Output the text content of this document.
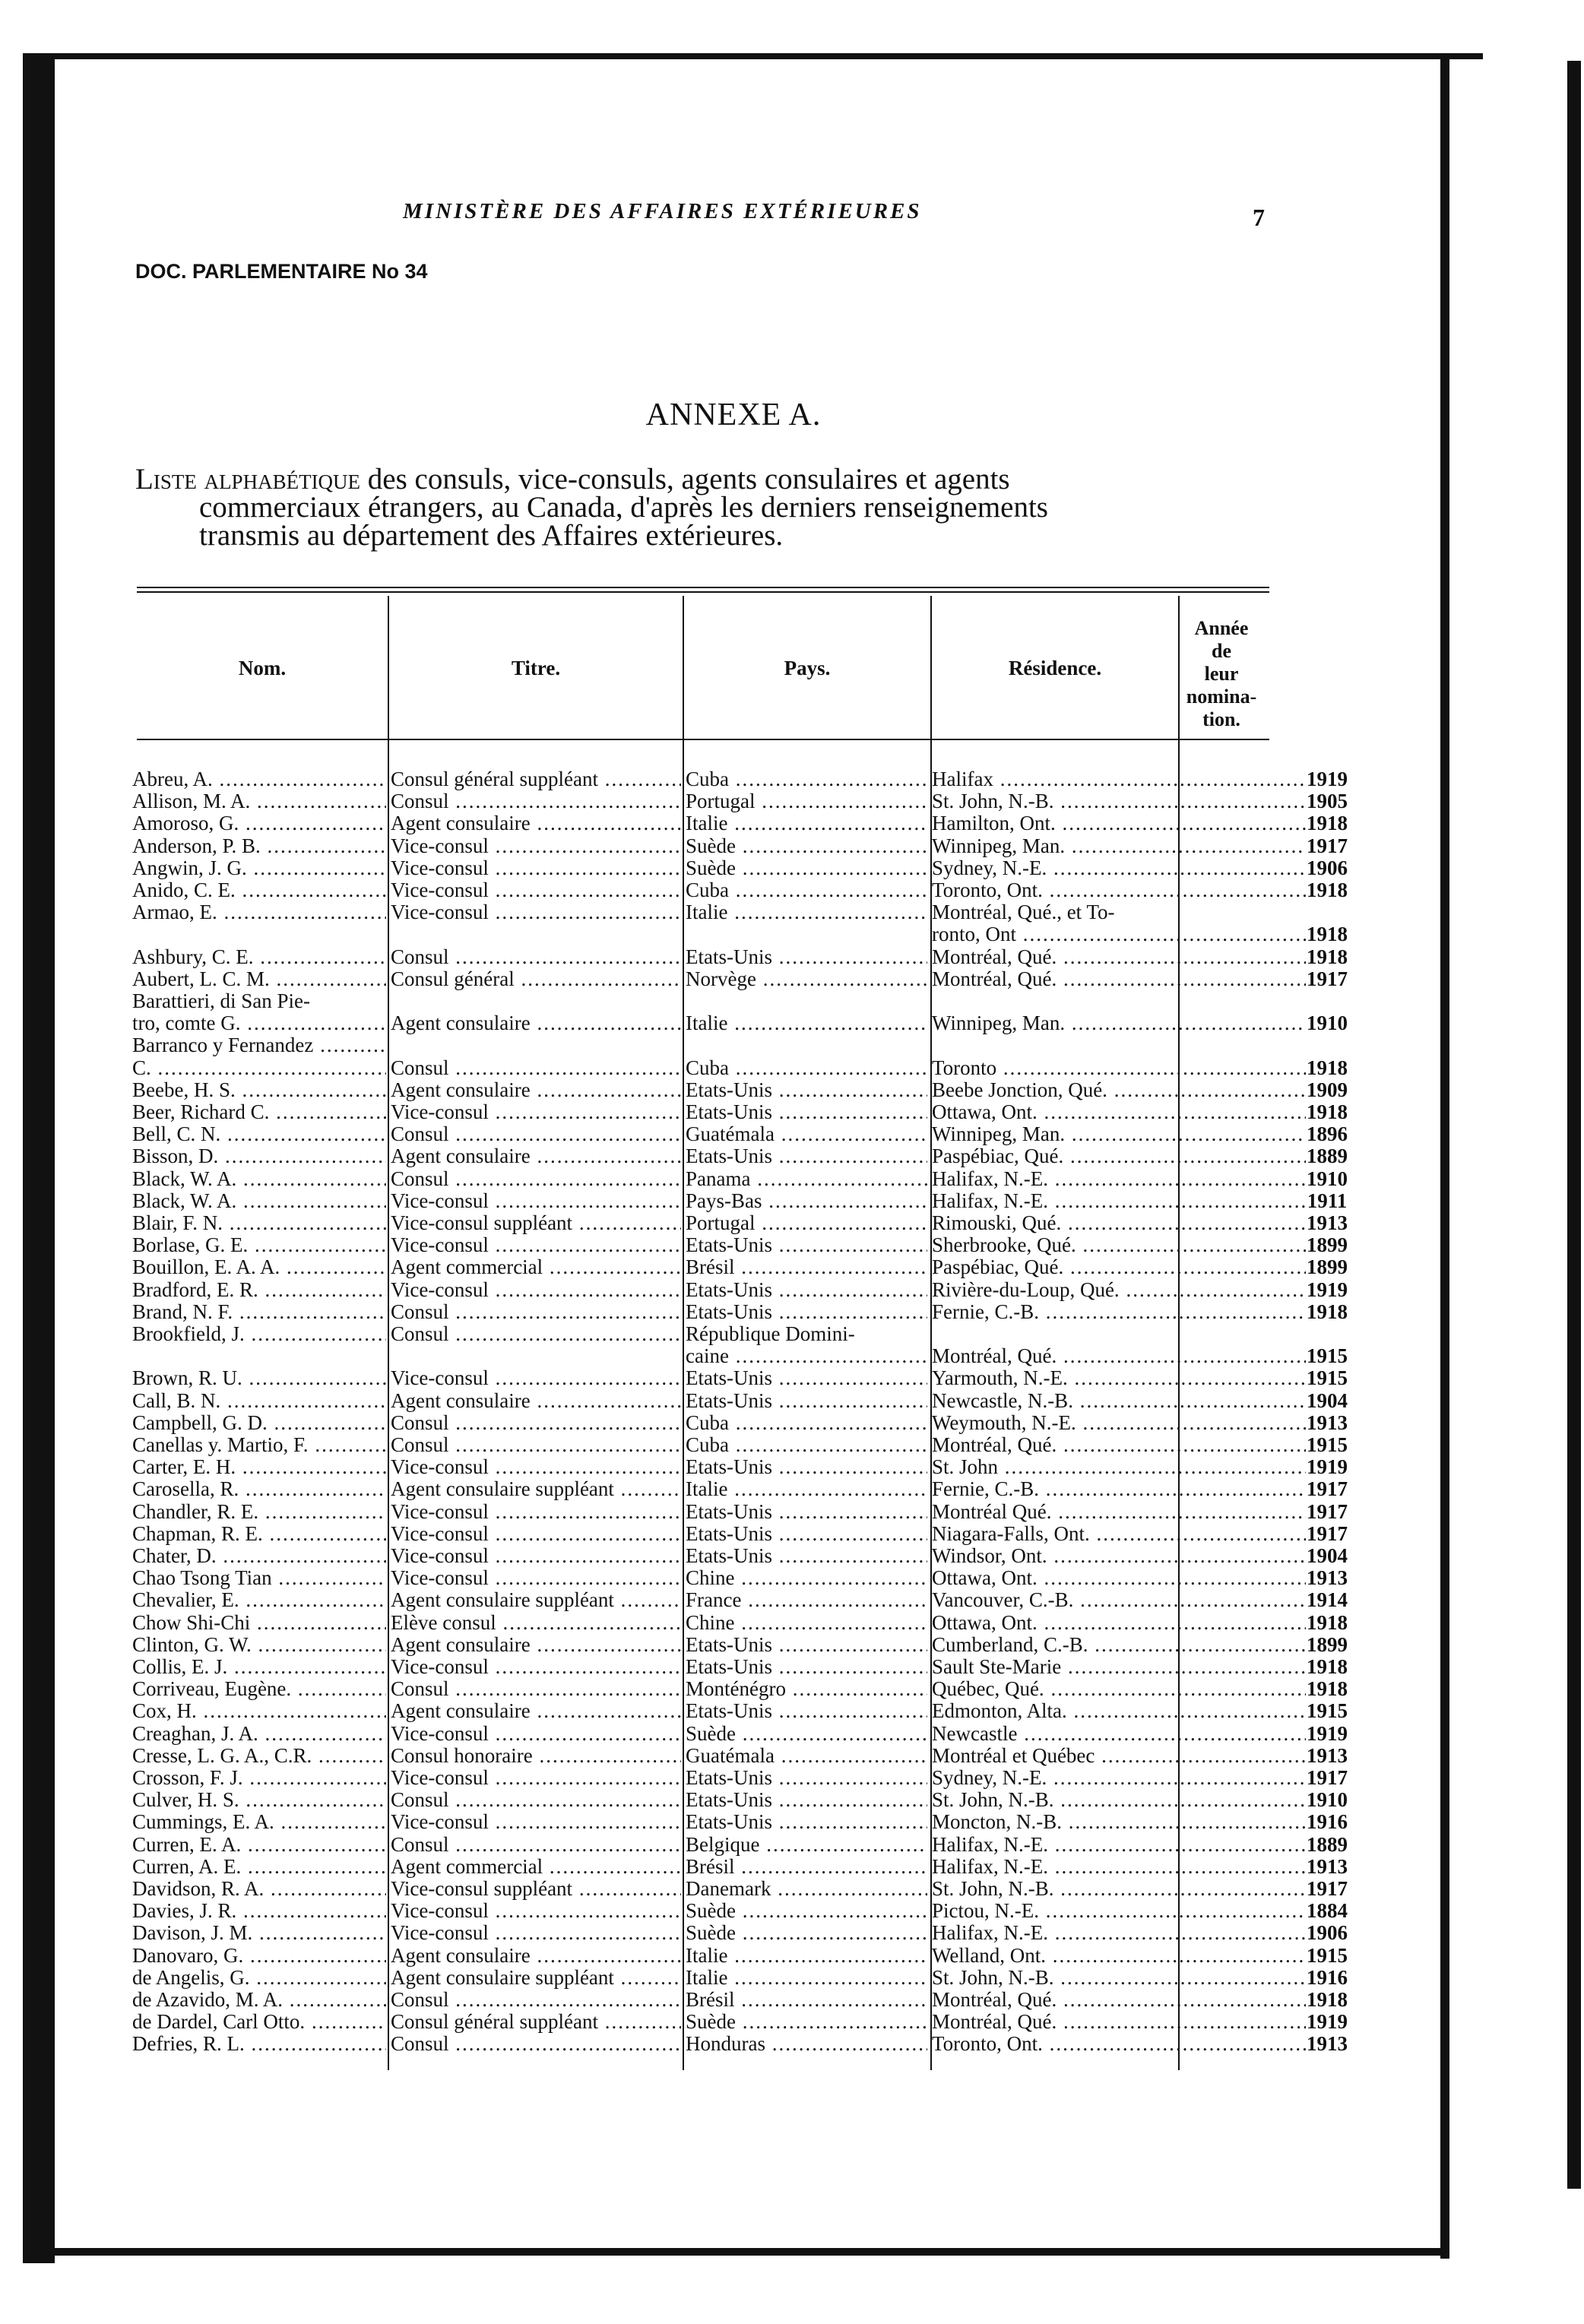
MINISTÈRE DES AFFAIRES EXTÉRIEURES	7
DOC. PARLEMENTAIRE No 34
ANNEXE A.
Liste alphabétique des consuls, vice-consuls, agents consulaires et agents
commerciaux étrangers, au Canada, d'après les derniers renseignements
transmis au département des Affaires extérieures.
Nom.	Titre.	Pays.	Résidence.
Année
de
leur
nomina-
tion.
Abreu, A. .....	Consul général suppléant .....	Cuba .....	Halifax .....	1919
Allison, M. A. .....	Consul .....	Portugal .....	St. John, N.-B. .....	1905
Amoroso, G. .....	Agent consulaire .....	Italie .....	Hamilton, Ont. .....	1918
Anderson, P. B. .....	Vice-consul .....	Suède .....	Winnipeg, Man. .....	1917
Angwin, J. G. .....	Vice-consul .....	Suède .....	Sydney, N.-E. .....	1906
Anido, C. E. .....	Vice-consul .....	Cuba .....	Toronto, Ont. .....	1918
Armao, E. .....	Vice-consul .....	Italie .....	Montréal, Qué., et To-
ronto, Ont .....	1918
Ashbury, C. E. .....	Consul .....	Etats-Unis .....	Montréal, Qué. .....	1918
Aubert, L. C. M. .....	Consul général .....	Norvège .....	Montréal, Qué. .....	1917
Barattieri, di San Pie-
tro, comte G. .....	Agent consulaire .....	Italie .....	Winnipeg, Man. .....	1910
Barranco y Fernandez .....
C. .....	Consul .....	Cuba .....	Toronto .....	1918
Beebe, H. S. .....	Agent consulaire .....	Etats-Unis .....	Beebe Jonction, Qué. .....	1909
Beer, Richard C. .....	Vice-consul .....	Etats-Unis .....	Ottawa, Ont. .....	1918
Bell, C. N. .....	Consul .....	Guatémala .....	Winnipeg, Man. .....	1896
Bisson, D. .....	Agent consulaire .....	Etats-Unis .....	Paspébiac, Qué. .....	1889
Black, W. A. .....	Consul .....	Panama .....	Halifax, N.-E. .....	1910
Black, W. A. .....	Vice-consul .....	Pays-Bas .....	Halifax, N.-E. .....	1911
Blair, F. N. .....	Vice-consul suppléant .....	Portugal .....	Rimouski, Qué. .....	1913
Borlase, G. E. .....	Vice-consul .....	Etats-Unis .....	Sherbrooke, Qué. .....	1899
Bouillon, E. A. A. .....	Agent commercial .....	Brésil .....	Paspébiac, Qué. .....	1899
Bradford, E. R. .....	Vice-consul .....	Etats-Unis .....	Rivière-du-Loup, Qué. .....	1919
Brand, N. F. .....	Consul .....	Etats-Unis .....	Fernie, C.-B. .....	1918
Brookfield, J. .....	Consul .....	République Domini-
caine .....	Montréal, Qué. .....	1915
Brown, R. U. .....	Vice-consul .....	Etats-Unis .....	Yarmouth, N.-E. .....	1915
Call, B. N. .....	Agent consulaire .....	Etats-Unis .....	Newcastle, N.-B. .....	1904
Campbell, G. D. .....	Consul .....	Cuba .....	Weymouth, N.-E. .....	1913
Canellas y. Martio, F. .....	Consul .....	Cuba .....	Montréal, Qué. .....	1915
Carter, E. H. .....	Vice-consul .....	Etats-Unis .....	St. John .....	1919
Carosella, R. .....	Agent consulaire suppléant .....	Italie .....	Fernie, C.-B. .....	1917
Chandler, R. E. .....	Vice-consul .....	Etats-Unis .....	Montréal Qué. .....	1917
Chapman, R. E. .....	Vice-consul .....	Etats-Unis .....	Niagara-Falls, Ont. .....	1917
Chater, D. .....	Vice-consul .....	Etats-Unis .....	Windsor, Ont. .....	1904
Chao Tsong Tian .....	Vice-consul .....	Chine .....	Ottawa, Ont. .....	1913
Chevalier, E. .....	Agent consulaire suppléant .....	France .....	Vancouver, C.-B. .....	1914
Chow Shi-Chi .....	Elève consul .....	Chine .....	Ottawa, Ont. .....	1918
Clinton, G. W. .....	Agent consulaire .....	Etats-Unis .....	Cumberland, C.-B. .....	1899
Collis, E. J. .....	Vice-consul .....	Etats-Unis .....	Sault Ste-Marie .....	1918
Corriveau, Eugène. .....	Consul .....	Monténégro .....	Québec, Qué. .....	1918
Cox, H. .....	Agent consulaire .....	Etats-Unis .....	Edmonton, Alta. .....	1915
Creaghan, J. A. .....	Vice-consul .....	Suède .....	Newcastle .....	1919
Cresse, L. G. A., C.R. .....	Consul honoraire .....	Guatémala .....	Montréal et Québec .....	1913
Crosson, F. J. .....	Vice-consul .....	Etats-Unis .....	Sydney, N.-E. .....	1917
Culver, H. S. .....	Consul .....	Etats-Unis .....	St. John, N.-B. .....	1910
Cummings, E. A. .....	Vice-consul .....	Etats-Unis .....	Moncton, N.-B. .....	1916
Curren, E. A. .....	Consul .....	Belgique .....	Halifax, N.-E. .....	1889
Curren, A. E. .....	Agent commercial .....	Brésil .....	Halifax, N.-E. .....	1913
Davidson, R. A. .....	Vice-consul suppléant .....	Danemark .....	St. John, N.-B. .....	1917
Davies, J. R. .....	Vice-consul .....	Suède .....	Pictou, N.-E. .....	1884
Davison, J. M. .....	Vice-consul .....	Suède .....	Halifax, N.-E. .....	1906
Danovaro, G. .....	Agent consulaire .....	Italie .....	Welland, Ont. .....	1915
de Angelis, G. .....	Agent consulaire suppléant .....	Italie .....	St. John, N.-B. .....	1916
de Azavido, M. A. .....	Consul .....	Brésil .....	Montréal, Qué. .....	1918
de Dardel, Carl Otto. .....	Consul général suppléant .....	Suède .....	Montréal, Qué. .....	1919
Defries, R. L. .....	Consul .....	Honduras .....	Toronto, Ont. .....	1913
